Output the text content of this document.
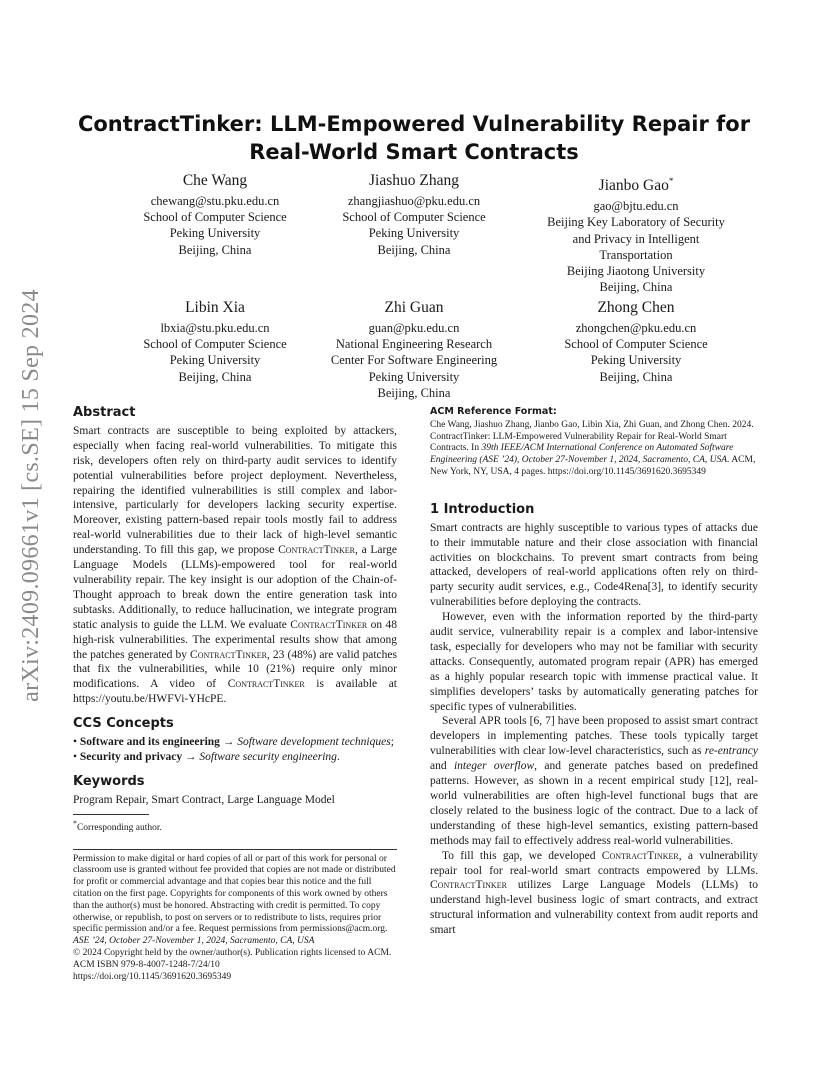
arXiv:2409.09661v1 [cs.SE] 15 Sep 2024
ContractTinker: LLM-Empowered Vulnerability Repair for Real-World Smart Contracts
Che Wang
chewang@stu.pku.edu.cn
School of Computer Science
Peking University
Beijing, China
Jiashuo Zhang
zhangjiashuo@pku.edu.cn
School of Computer Science
Peking University
Beijing, China
Jianbo Gao*
gao@bjtu.edu.cn
Beijing Key Laboratory of Security
and Privacy in Intelligent
Transportation
Beijing Jiaotong University
Beijing, China
Libin Xia
lbxia@stu.pku.edu.cn
School of Computer Science
Peking University
Beijing, China
Zhi Guan
guan@pku.edu.cn
National Engineering Research
Center For Software Engineering
Peking University
Beijing, China
Zhong Chen
zhongchen@pku.edu.cn
School of Computer Science
Peking University
Beijing, China
Abstract

Smart contracts are susceptible to being exploited by attackers, especially when facing real-world vulnerabilities. To mitigate this risk, developers often rely on third-party audit services to identify potential vulnerabilities before project deployment. Nevertheless, repairing the identified vulnerabilities is still complex and labor-intensive, particularly for developers lacking security expertise. Moreover, existing pattern-based repair tools mostly fail to address real-world vulnerabilities due to their lack of high-level semantic understanding. To fill this gap, we propose ContractTinker, a Large Language Models (LLMs)-empowered tool for real-world vulnerability repair. The key insight is our adoption of the Chain-of-Thought approach to break down the entire generation task into subtasks. Additionally, to reduce hallucination, we integrate program static analysis to guide the LLM. We evaluate ContractTinker on 48 high-risk vulnerabilities. The experimental results show that among the patches generated by ContractTinker, 23 (48%) are valid patches that fix the vulnerabilities, while 10 (21%) require only minor modifications. A video of ContractTinker is available at https://youtu.be/HWFVi-YHcPE.

CCS Concepts

• Software and its engineering → Software development techniques; • Security and privacy → Software security engineering.

Keywords

Program Repair, Smart Contract, Large Language Model

*Corresponding author.

Permission to make digital or hard copies of all or part of this work for personal or classroom use is granted without fee provided that copies are not made or distributed for profit or commercial advantage and that copies bear this notice and the full citation on the first page. Copyrights for components of this work owned by others than the author(s) must be honored. Abstracting with credit is permitted. To copy otherwise, or republish, to post on servers or to redistribute to lists, requires prior specific permission and/or a fee. Request permissions from permissions@acm.org.

ASE ’24, October 27-November 1, 2024, Sacramento, CA, USA

© 2024 Copyright held by the owner/author(s). Publication rights licensed to ACM.

ACM ISBN 979-8-4007-1248-7/24/10

https://doi.org/10.1145/3691620.3695349

ACM Reference Format:

Che Wang, Jiashuo Zhang, Jianbo Gao, Libin Xia, Zhi Guan, and Zhong Chen. 2024. ContractTinker: LLM-Empowered Vulnerability Repair for Real-World Smart Contracts. In 39th IEEE/ACM International Conference on Automated Software Engineering (ASE ’24), October 27-November 1, 2024, Sacramento, CA, USA. ACM, New York, NY, USA, 4 pages. https://doi.org/10.1145/3691620.3695349

1 Introduction

Smart contracts are highly susceptible to various types of attacks due to their immutable nature and their close association with financial activities on blockchains. To prevent smart contracts from being attacked, developers of real-world applications often rely on third-party security audit services, e.g., Code4Rena[3], to identify security vulnerabilities before deploying the contracts.

However, even with the information reported by the third-party audit service, vulnerability repair is a complex and labor-intensive task, especially for developers who may not be familiar with security attacks. Consequently, automated program repair (APR) has emerged as a highly popular research topic with immense practical value. It simplifies developers’ tasks by automatically generating patches for specific types of vulnerabilities.

Several APR tools [6, 7] have been proposed to assist smart contract developers in implementing patches. These tools typically target vulnerabilities with clear low-level characteristics, such as re-entrancy and integer overflow, and generate patches based on predefined patterns. However, as shown in a recent empirical study [12], real-world vulnerabilities are often high-level functional bugs that are closely related to the business logic of the contract. Due to a lack of understanding of these high-level semantics, existing pattern-based methods may fail to effectively address real-world vulnerabilities.

To fill this gap, we developed ContractTinker, a vulnerability repair tool for real-world smart contracts empowered by LLMs. ContractTinker utilizes Large Language Models (LLMs) to understand high-level business logic of smart contracts, and extract structural information and vulnerability context from audit reports and smart
